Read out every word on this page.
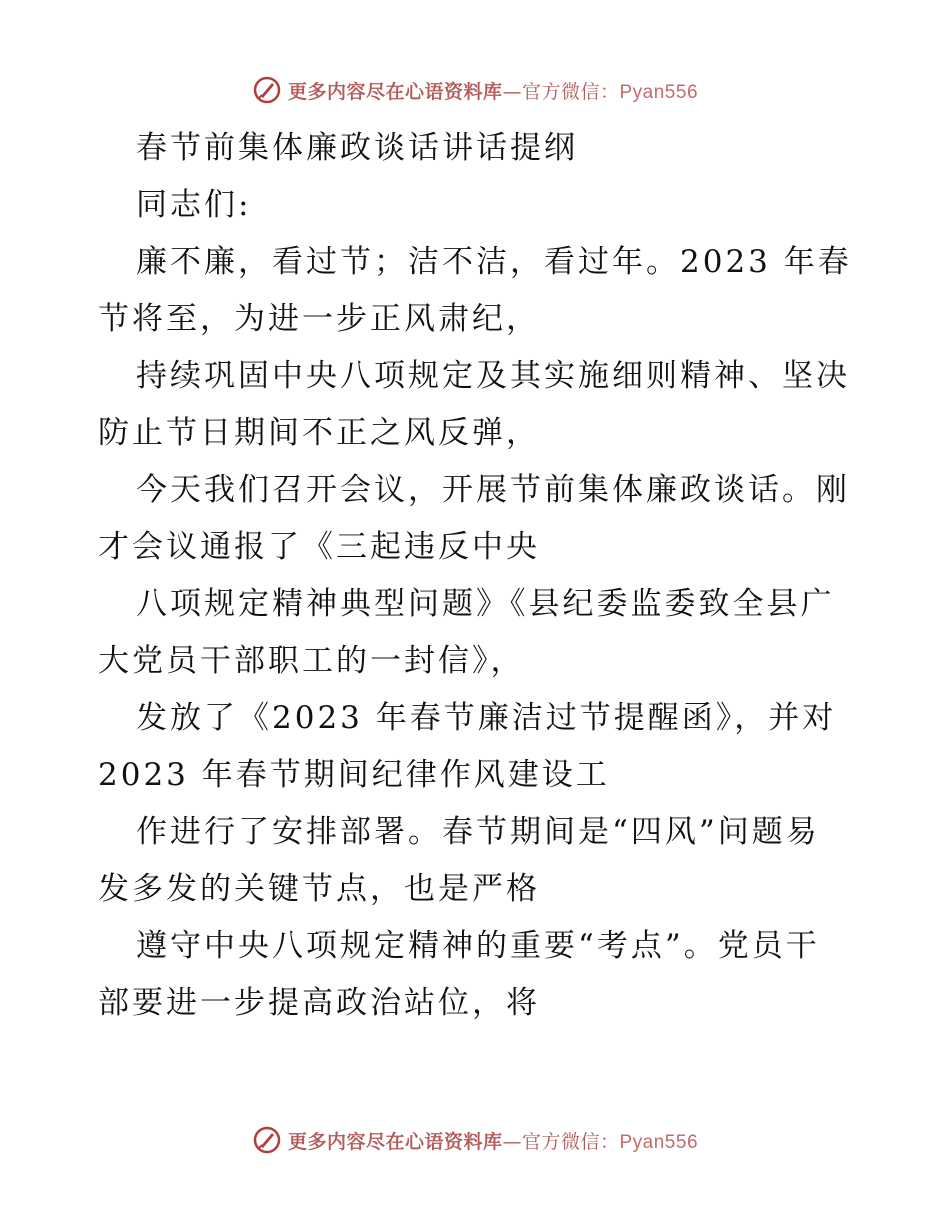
更多内容尽在心语资料库—官方微信：Pyan556
春节前集体廉政谈话讲话提纲
同志们:
廉不廉，看过节；洁不洁，看过年。2023 年春
节将至，为进一步正风肃纪，
持续巩固中央八项规定及其实施细则精神、坚决
防止节日期间不正之风反弹，
今天我们召开会议，开展节前集体廉政谈话。刚
才会议通报了《三起违反中央
八项规定精神典型问题》《县纪委监委致全县广
大党员干部职工的一封信》，
发放了《2023 年春节廉洁过节提醒函》，并对
2023 年春节期间纪律作风建设工
作进行了安排部署。春节期间是“四风”问题易
发多发的关键节点，也是严格
遵守中央八项规定精神的重要“考点”。党员干
部要进一步提高政治站位，将
更多内容尽在心语资料库—官方微信：Pyan556
